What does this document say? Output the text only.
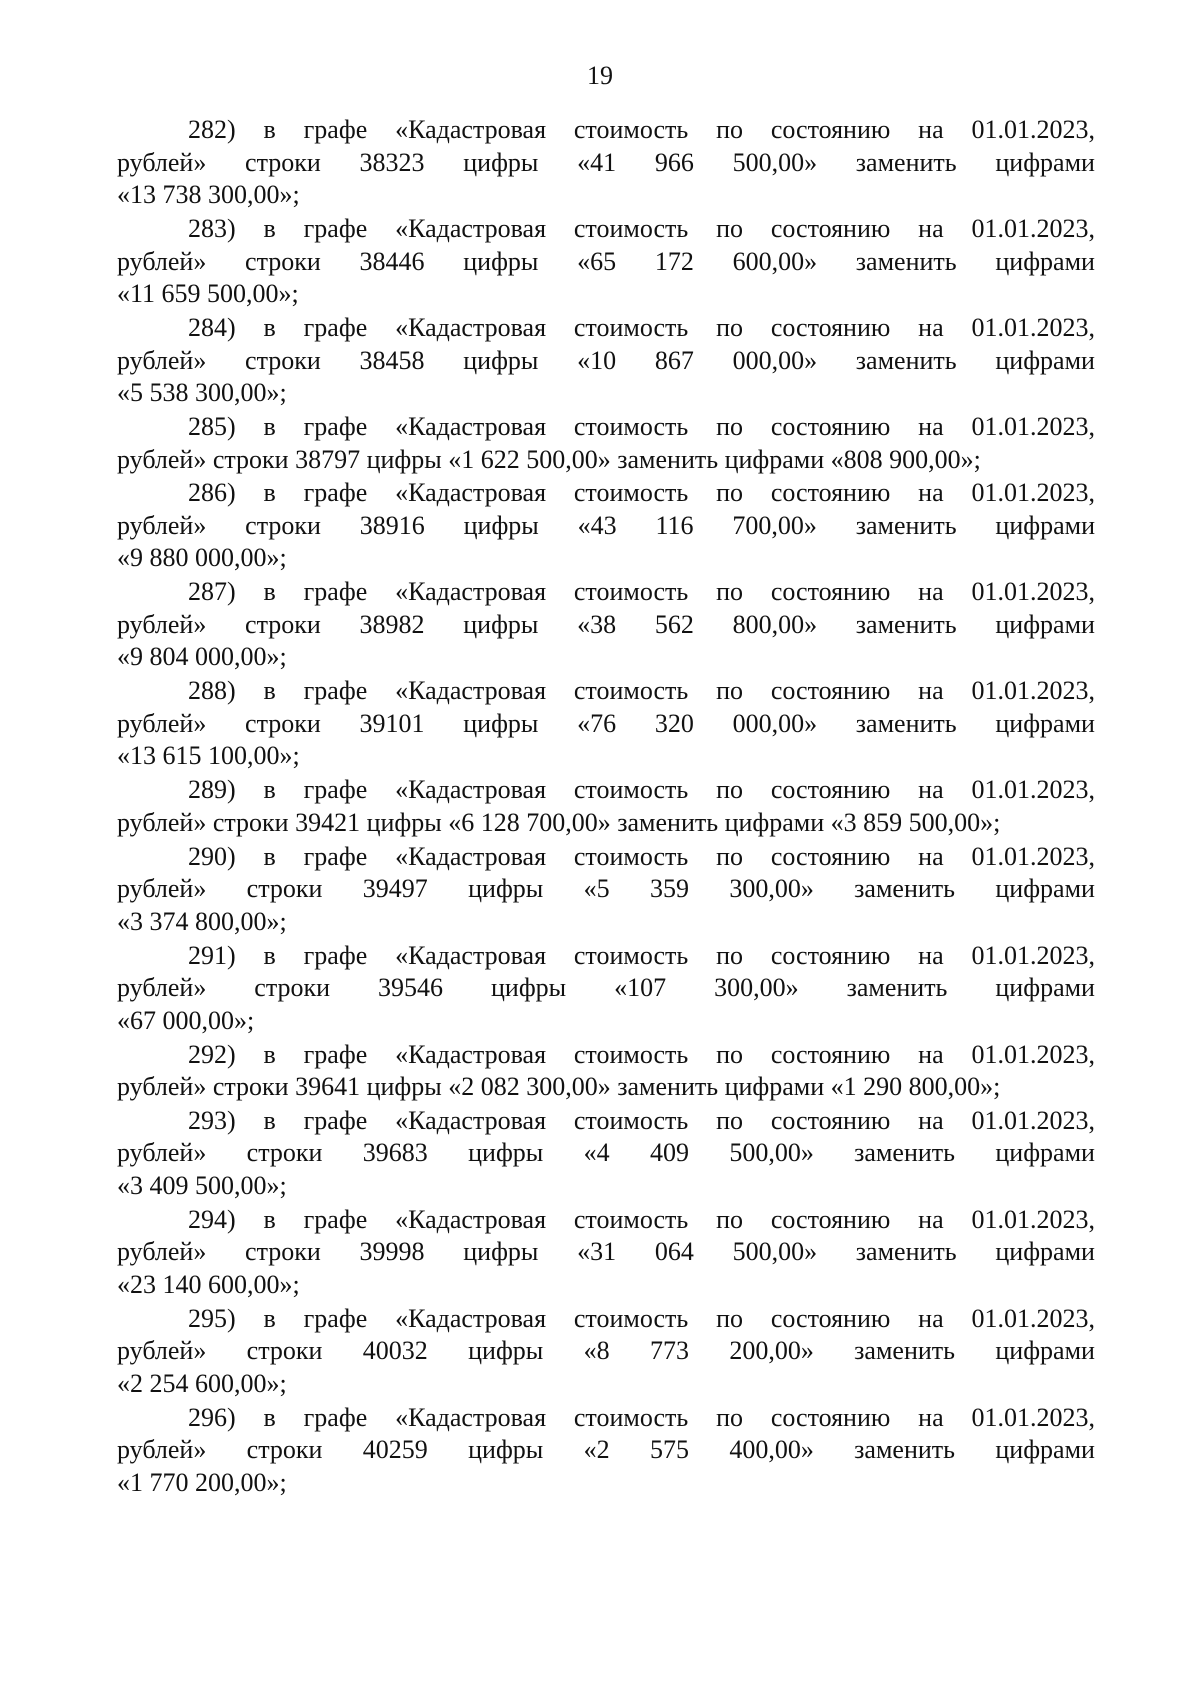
19
282) в графе «Кадастровая стоимость по состоянию на 01.01.2023,
рублей» строки 38323 цифры «41 966 500,00» заменить цифрами
«13 738 300,00»;
283) в графе «Кадастровая стоимость по состоянию на 01.01.2023,
рублей» строки 38446 цифры «65 172 600,00» заменить цифрами
«11 659 500,00»;
284) в графе «Кадастровая стоимость по состоянию на 01.01.2023,
рублей» строки 38458 цифры «10 867 000,00» заменить цифрами
«5 538 300,00»;
285) в графе «Кадастровая стоимость по состоянию на 01.01.2023,
рублей» строки 38797 цифры «1 622 500,00» заменить цифрами «808 900,00»;
286) в графе «Кадастровая стоимость по состоянию на 01.01.2023,
рублей» строки 38916 цифры «43 116 700,00» заменить цифрами
«9 880 000,00»;
287) в графе «Кадастровая стоимость по состоянию на 01.01.2023,
рублей» строки 38982 цифры «38 562 800,00» заменить цифрами
«9 804 000,00»;
288) в графе «Кадастровая стоимость по состоянию на 01.01.2023,
рублей» строки 39101 цифры «76 320 000,00» заменить цифрами
«13 615 100,00»;
289) в графе «Кадастровая стоимость по состоянию на 01.01.2023,
рублей» строки 39421 цифры «6 128 700,00» заменить цифрами «3 859 500,00»;
290) в графе «Кадастровая стоимость по состоянию на 01.01.2023,
рублей» строки 39497 цифры «5 359 300,00» заменить цифрами
«3 374 800,00»;
291) в графе «Кадастровая стоимость по состоянию на 01.01.2023,
рублей» строки 39546 цифры «107 300,00» заменить цифрами
«67 000,00»;
292) в графе «Кадастровая стоимость по состоянию на 01.01.2023,
рублей» строки 39641 цифры «2 082 300,00» заменить цифрами «1 290 800,00»;
293) в графе «Кадастровая стоимость по состоянию на 01.01.2023,
рублей» строки 39683 цифры «4 409 500,00» заменить цифрами
«3 409 500,00»;
294) в графе «Кадастровая стоимость по состоянию на 01.01.2023,
рублей» строки 39998 цифры «31 064 500,00» заменить цифрами
«23 140 600,00»;
295) в графе «Кадастровая стоимость по состоянию на 01.01.2023,
рублей» строки 40032 цифры «8 773 200,00» заменить цифрами
«2 254 600,00»;
296) в графе «Кадастровая стоимость по состоянию на 01.01.2023,
рублей» строки 40259 цифры «2 575 400,00» заменить цифрами
«1 770 200,00»;
